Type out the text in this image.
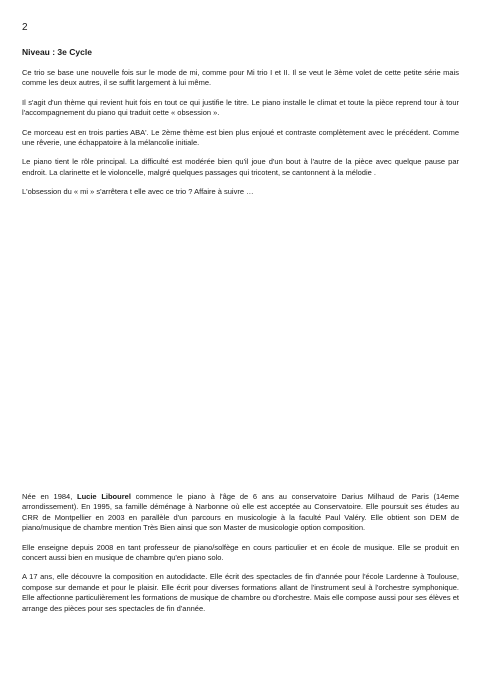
2

Niveau : 3e Cycle

Ce trio se base une nouvelle fois sur le mode de mi, comme pour Mi trio I et II. Il se veut le 3ème volet de cette petite série mais comme les deux autres, il se suffit largement à lui même.

Il s'agit d'un thème qui revient huit fois en tout ce qui justifie le titre. Le piano installe le climat et toute la pièce reprend tour à tour l'accompagnement du piano qui traduit cette « obsession ».

Ce morceau est en trois parties ABA'. Le 2ème thème est bien plus enjoué et contraste complètement avec le précédent. Comme une rêverie, une échappatoire à la mélancolie initiale.

Le piano tient le rôle principal. La difficulté est modérée bien qu'il joue d'un bout à l'autre de la pièce avec quelque pause par endroit. La clarinette et le violoncelle, malgré quelques passages qui tricotent, se cantonnent à la mélodie .

L'obsession du « mi » s'arrêtera t elle avec ce trio ? Affaire à suivre …

Née en 1984, Lucie Libourel commence le piano à l'âge de 6 ans au conservatoire Darius Milhaud de Paris (14eme arrondissement). En 1995, sa famille déménage à Narbonne où elle est acceptée au Conservatoire. Elle poursuit ses études au CRR de Montpellier en 2003 en parallèle d'un parcours en musicologie à la faculté Paul Valéry. Elle obtient son DEM de piano/musique de chambre mention Très Bien ainsi que son Master de musicologie option composition.

Elle enseigne depuis 2008 en tant professeur de piano/solfège en cours particulier et en école de musique. Elle se produit en concert aussi bien en musique de chambre qu'en piano solo.

A 17 ans, elle découvre la composition en autodidacte. Elle écrit des spectacles de fin d'année pour l'école Lardenne à Toulouse, compose sur demande et pour le plaisir. Elle écrit pour diverses formations allant de l'instrument seul à l'orchestre symphonique. Elle affectionne particulièrement les formations de musique de chambre ou d'orchestre. Mais elle compose aussi pour ses élèves et arrange des pièces pour ses spectacles de fin d'année.
